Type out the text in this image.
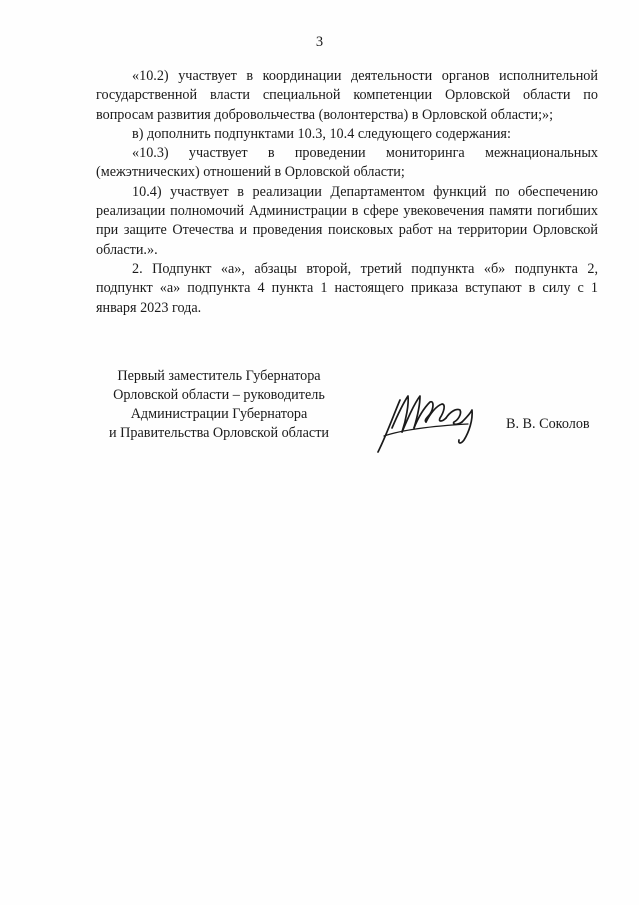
3

«10.2) участвует в координации деятельности органов исполнительной государственной власти специальной компетенции Орловской области по вопросам развития добровольчества (волонтерства) в Орловской области;»;

в) дополнить подпунктами 10.3, 10.4 следующего содержания:

«10.3) участвует в проведении мониторинга межнациональных (межэтнических) отношений в Орловской области;

10.4) участвует в реализации Департаментом функций по обеспечению реализации полномочий Администрации в сфере увековечения памяти погибших при защите Отечества и проведения поисковых работ на территории Орловской области.».

2. Подпункт «а», абзацы второй, третий подпункта «б» подпункта 2, подпункт «а» подпункта 4 пункта 1 настоящего приказа вступают в силу с 1 января 2023 года.

Первый заместитель Губернатора
Орловской области – руководитель
Администрации Губернатора
и Правительства Орловской области
В. В. Соколов
